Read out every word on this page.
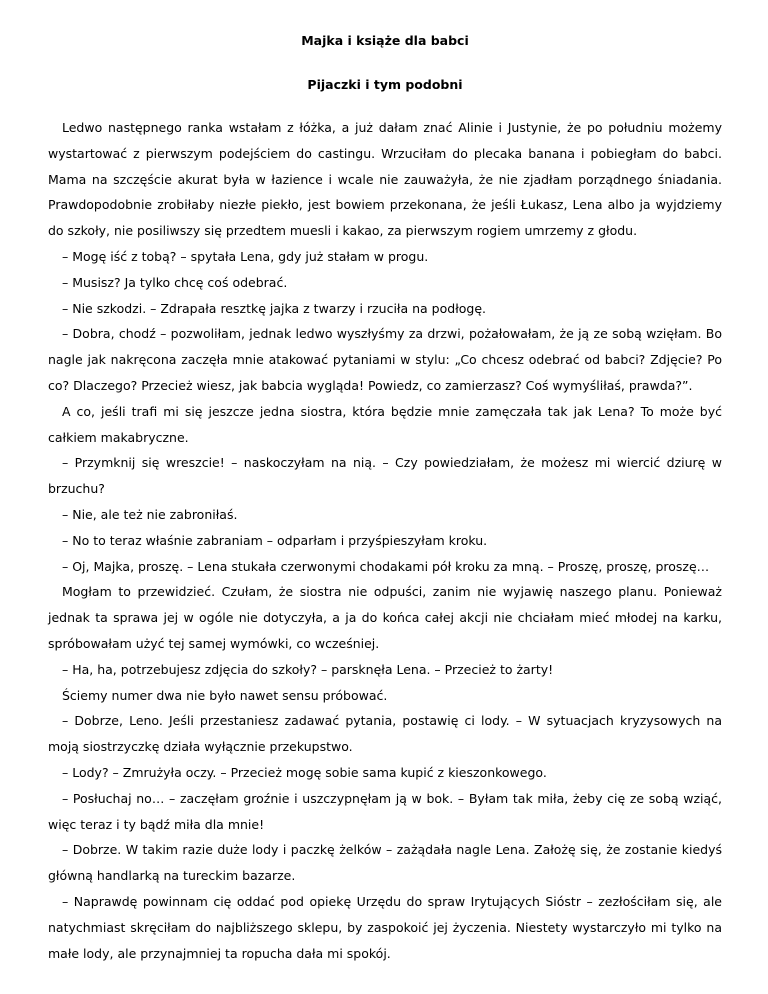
Majka i książe dla babci
Pijaczki i tym podobni

Ledwo następnego ranka wstałam z łóżka, a już dałam znać Alinie i Justynie, że po południu możemy wystartować z pierwszym podejściem do castingu. Wrzuciłam do plecaka banana i pobiegłam do babci. Mama na szczęście akurat była w łazience i wcale nie zauważyła, że nie zjadłam porządnego śniadania. Prawdopodobnie zrobiłaby niezłe piekło, jest bowiem przekonana, że jeśli Łukasz, Lena albo ja wyjdziemy do szkoły, nie posiliwszy się przedtem muesli i kakao, za pierwszym rogiem umrzemy z głodu.

– Mogę iść z tobą? – spytała Lena, gdy już stałam w progu.

– Musisz? Ja tylko chcę coś odebrać.

– Nie szkodzi. – Zdrapała resztkę jajka z twarzy i rzuciła na podłogę.

– Dobra, chodź – pozwoliłam, jednak ledwo wyszłyśmy za drzwi, pożałowałam, że ją ze sobą wzięłam. Bo nagle jak nakręcona zaczęła mnie atakować pytaniami w stylu: „Co chcesz odebrać od babci? Zdjęcie? Po co? Dlaczego? Przecież wiesz, jak babcia wygląda! Powiedz, co zamierzasz? Coś wymyśliłaś, prawda?”.

A co, jeśli trafi mi się jeszcze jedna siostra, która będzie mnie zamęczała tak jak Lena? To może być całkiem makabryczne.

– Przymknij się wreszcie! – naskoczyłam na nią. – Czy powiedziałam, że możesz mi wiercić dziurę w brzuchu?

– Nie, ale też nie zabroniłaś.

– No to teraz właśnie zabraniam – odparłam i przyśpieszyłam kroku.

– Oj, Majka, proszę. – Lena stukała czerwonymi chodakami pół kroku za mną. – Proszę, proszę, proszę…

Mogłam to przewidzieć. Czułam, że siostra nie odpuści, zanim nie wyjawię naszego planu. Ponieważ jednak ta sprawa jej w ogóle nie dotyczyła, a ja do końca całej akcji nie chciałam mieć młodej na karku, spróbowałam użyć tej samej wymówki, co wcześniej.

– Ha, ha, potrzebujesz zdjęcia do szkoły? – parsknęła Lena. – Przecież to żarty!

Ściemy numer dwa nie było nawet sensu próbować.

– Dobrze, Leno. Jeśli przestaniesz zadawać pytania, postawię ci lody. – W sytuacjach kryzysowych na moją siostrzyczkę działa wyłącznie przekupstwo.

– Lody? – Zmrużyła oczy. – Przecież mogę sobie sama kupić z kieszonkowego.

– Posłuchaj no… – zaczęłam groźnie i uszczypnęłam ją w bok. – Byłam tak miła, żeby cię ze sobą wziąć, więc teraz i ty bądź miła dla mnie!

– Dobrze. W takim razie duże lody i paczkę żelków – zażądała nagle Lena. Założę się, że zostanie kiedyś główną handlarką na tureckim bazarze.

– Naprawdę powinnam cię oddać pod opiekę Urzędu do spraw Irytujących Sióstr – zezłościłam się, ale natychmiast skręciłam do najbliższego sklepu, by zaspokoić jej życzenia. Niestety wystarczyło mi tylko na małe lody, ale przynajmniej ta ropucha dała mi spokój.
